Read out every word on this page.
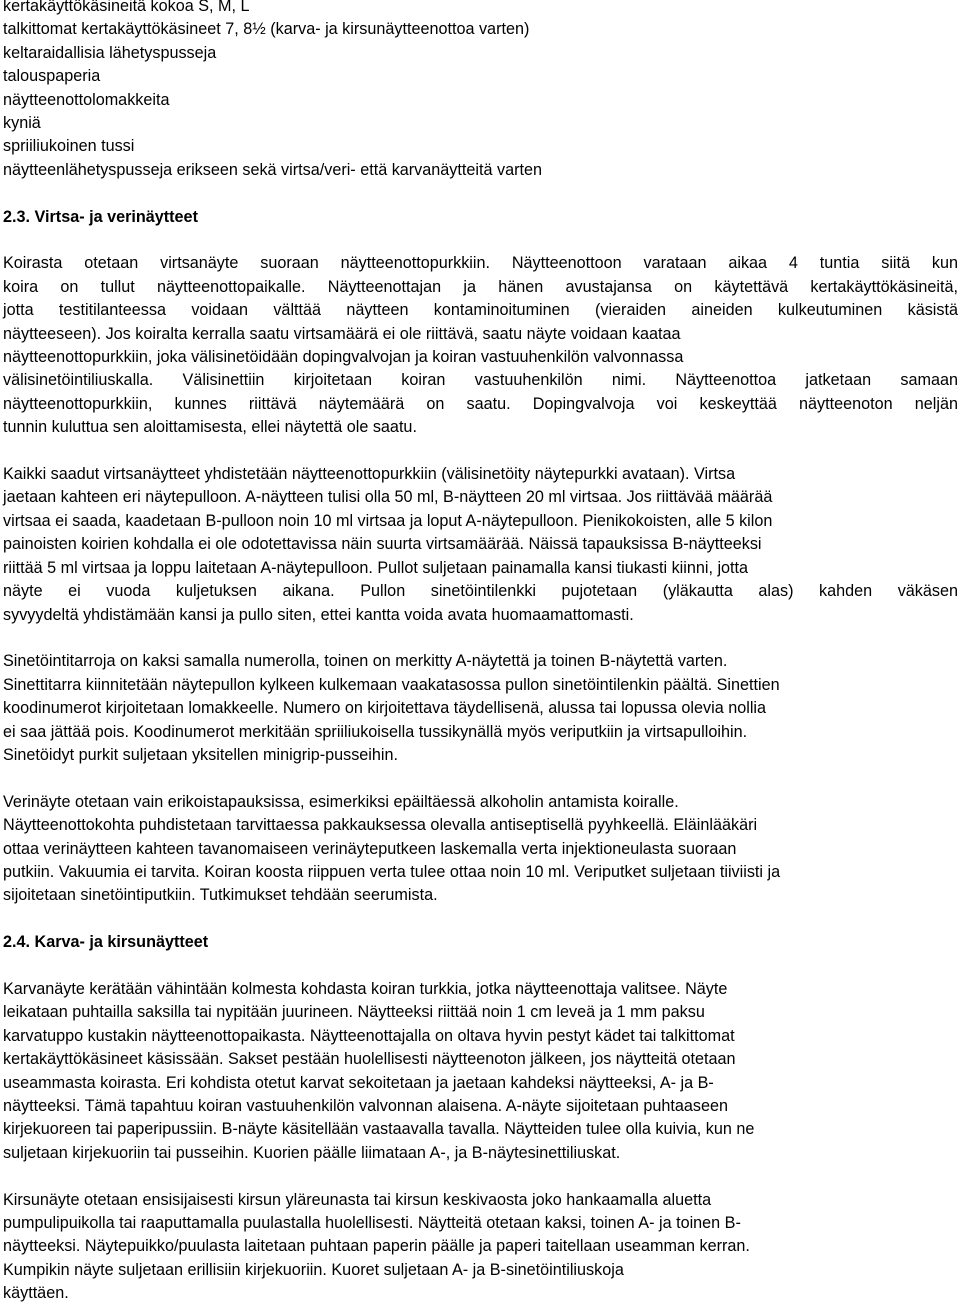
kertakäyttökäsineitä kokoa S, M, L
talkittomat kertakäyttökäsineet 7, 8½ (karva- ja kirsunäytteenottoa varten)
keltaraidallisia lähetyspusseja
talouspaperia
näytteenottolomakkeita
kyniä
spriiliukoinen tussi
näytteenlähetyspusseja erikseen sekä virtsa/veri- että karvanäytteitä varten
2.3. Virtsa- ja verinäytteet
Koirasta otetaan virtsanäyte suoraan näytteenottopurkkiin. Näytteenottoon varataan aikaa 4 tuntia siitä kun
koira on tullut näytteenottopaikalle. Näytteenottajan ja hänen avustajansa on käytettävä kertakäyttökäsineitä,
jotta testitilanteessa voidaan välttää näytteen kontaminoituminen (vieraiden aineiden kulkeutuminen käsistä
näytteeseen). Jos koiralta kerralla saatu virtsamäärä ei ole riittävä, saatu näyte voidaan kaataa
näytteenottopurkkiin, joka välisinetöidään dopingvalvojan ja koiran vastuuhenkilön valvonnassa
välisinetöintiliuskalla. Välisinettiin kirjoitetaan koiran vastuuhenkilön nimi. Näytteenottoa jatketaan samaan
näytteenottopurkkiin, kunnes riittävä näytemäärä on saatu. Dopingvalvoja voi keskeyttää näytteenoton neljän
tunnin kuluttua sen aloittamisesta, ellei näytettä ole saatu.
Kaikki saadut virtsanäytteet yhdistetään näytteenottopurkkiin (välisinetöity näytepurkki avataan). Virtsa
jaetaan kahteen eri näytepulloon. A-näytteen tulisi olla 50 ml, B-näytteen 20 ml virtsaa. Jos riittävää määrää
virtsaa ei saada, kaadetaan B-pulloon noin 10 ml virtsaa ja loput A-näytepulloon. Pienikokoisten, alle 5 kilon
painoisten koirien kohdalla ei ole odotettavissa näin suurta virtsamäärää. Näissä tapauksissa B-näytteeksi
riittää 5 ml virtsaa ja loppu laitetaan A-näytepulloon. Pullot suljetaan painamalla kansi tiukasti kiinni, jotta
näyte ei vuoda kuljetuksen aikana. Pullon sinetöintilenkki pujotetaan (yläkautta alas) kahden väkäsen
syvyydeltä yhdistämään kansi ja pullo siten, ettei kantta voida avata huomaamattomasti.
Sinetöintitarroja on kaksi samalla numerolla, toinen on merkitty A-näytettä ja toinen B-näytettä varten.
Sinettitarra kiinnitetään näytepullon kylkeen kulkemaan vaakatasossa pullon sinetöintilenkin päältä. Sinettien
koodinumerot kirjoitetaan lomakkeelle. Numero on kirjoitettava täydellisenä, alussa tai lopussa olevia nollia
ei saa jättää pois. Koodinumerot merkitään spriiliukoisella tussikynällä myös veriputkiin ja virtsapulloihin.
Sinetöidyt purkit suljetaan yksitellen minigrip-pusseihin.
Verinäyte otetaan vain erikoistapauksissa, esimerkiksi epäiltäessä alkoholin antamista koiralle.
Näytteenottokohta puhdistetaan tarvittaessa pakkauksessa olevalla antiseptisellä pyyhkeellä. Eläinlääkäri
ottaa verinäytteen kahteen tavanomaiseen verinäyteputkeen laskemalla verta injektioneulasta suoraan
putkiin. Vakuumia ei tarvita. Koiran koosta riippuen verta tulee ottaa noin 10 ml. Veriputket suljetaan tiiviisti ja
sijoitetaan sinetöintiputkiin. Tutkimukset tehdään seerumista.
2.4. Karva- ja kirsunäytteet
Karvanäyte kerätään vähintään kolmesta kohdasta koiran turkkia, jotka näytteenottaja valitsee. Näyte
leikataan puhtailla saksilla tai nypitään juurineen. Näytteeksi riittää noin 1 cm leveä ja 1 mm paksu
karvatuppo kustakin näytteenottopaikasta. Näytteenottajalla on oltava hyvin pestyt kädet tai talkittomat
kertakäyttökäsineet käsissään. Sakset pestään huolellisesti näytteenoton jälkeen, jos näytteitä otetaan
useammasta koirasta. Eri kohdista otetut karvat sekoitetaan ja jaetaan kahdeksi näytteeksi, A- ja B-
näytteeksi. Tämä tapahtuu koiran vastuuhenkilön valvonnan alaisena. A-näyte sijoitetaan puhtaaseen
kirjekuoreen tai paperipussiin. B-näyte käsitellään vastaavalla tavalla. Näytteiden tulee olla kuivia, kun ne
suljetaan kirjekuoriin tai pusseihin. Kuorien päälle liimataan A-, ja B-näytesinettiliuskat.
Kirsunäyte otetaan ensisijaisesti kirsun yläreunasta tai kirsun keskivaosta joko hankaamalla aluetta
pumpulipuikolla tai raaputtamalla puulastalla huolellisesti. Näytteitä otetaan kaksi, toinen A- ja toinen B-
näytteeksi. Näytepuikko/puulasta laitetaan puhtaan paperin päälle ja paperi taitellaan useamman kerran.
Kumpikin näyte suljetaan erillisiin kirjekuoriin. Kuoret suljetaan A- ja B-sinetöintiliuskoja
käyttäen.
